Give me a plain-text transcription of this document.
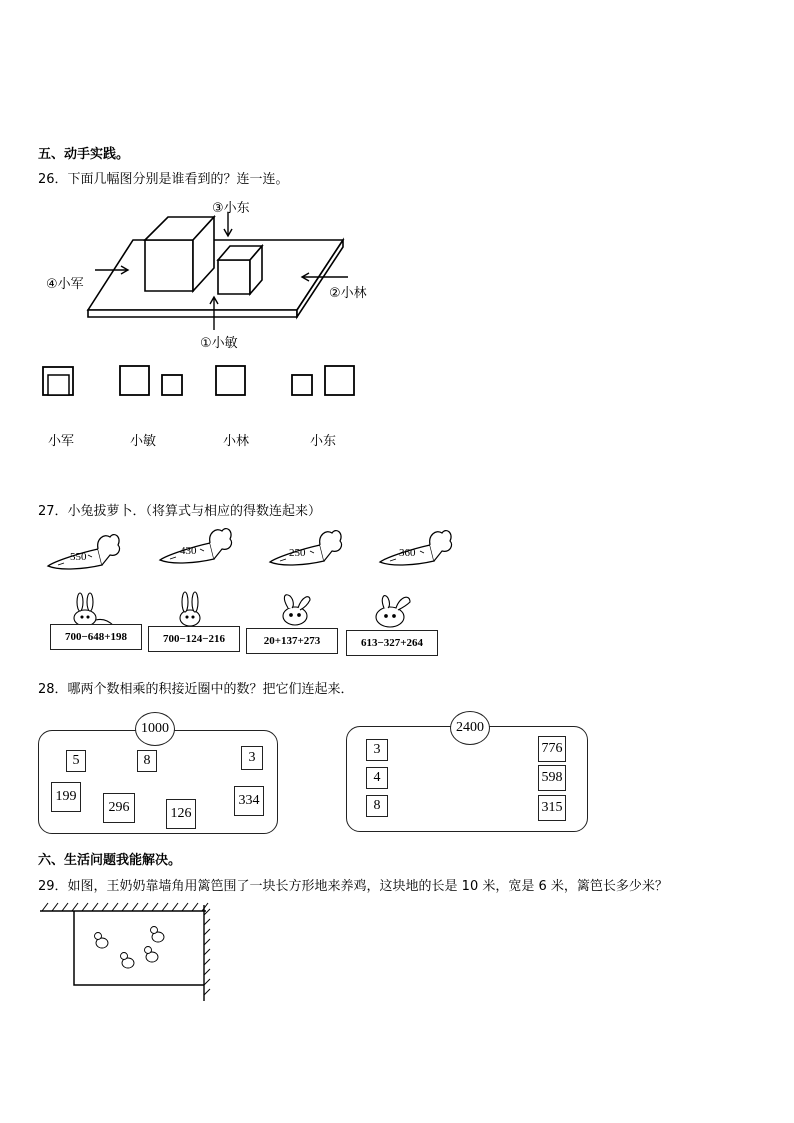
五、动手实践。
26．下面几幅图分别是谁看到的？连一连。
③小东
④小军
②小林
①小敏
小军	小敏	小林	小东
27．小兔拔萝卜．（将算式与相应的得数连起来）
550	430	250	360
700−648+198	700−124−216	20+137+273	613−327+264
28．哪两个数相乘的积接近圈中的数？把它们连起来．
1000
5	8	3
199
296	126
334
2400
3
4
8
776
598
315
六、生活问题我能解决。
29．如图，王奶奶靠墙角用篱笆围了一块长方形地来养鸡，这块地的长是 10 米，宽是 6 米，篱笆长多少米？
